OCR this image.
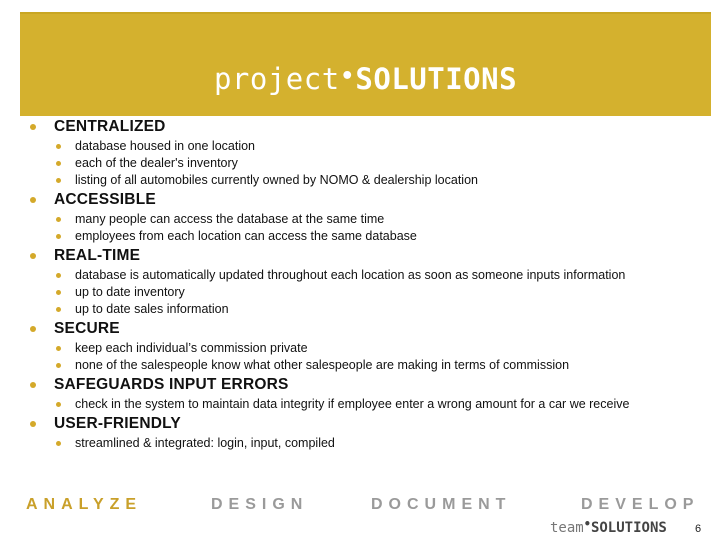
project•SOLUTIONS
CENTRALIZED
database housed in one location
each of the dealer's inventory
listing of all automobiles currently owned by NOMO & dealership location
ACCESSIBLE
many people can access the database at the same time
employees from each location can access the same database
REAL-TIME
database is automatically updated throughout each location as soon as someone inputs information
up to date inventory
up to date sales information
SECURE
keep each individual’s commission private
none of the salespeople know what other salespeople are making in terms of commission
SAFEGUARDS INPUT ERRORS
check in the system to maintain data integrity if employee enter a wrong amount for a car we receive
USER-FRIENDLY
streamlined & integrated: login, input, compiled
ANALYZE	DESIGN	DOCUMENT	DEVELOP
team•SOLUTIONS	6
